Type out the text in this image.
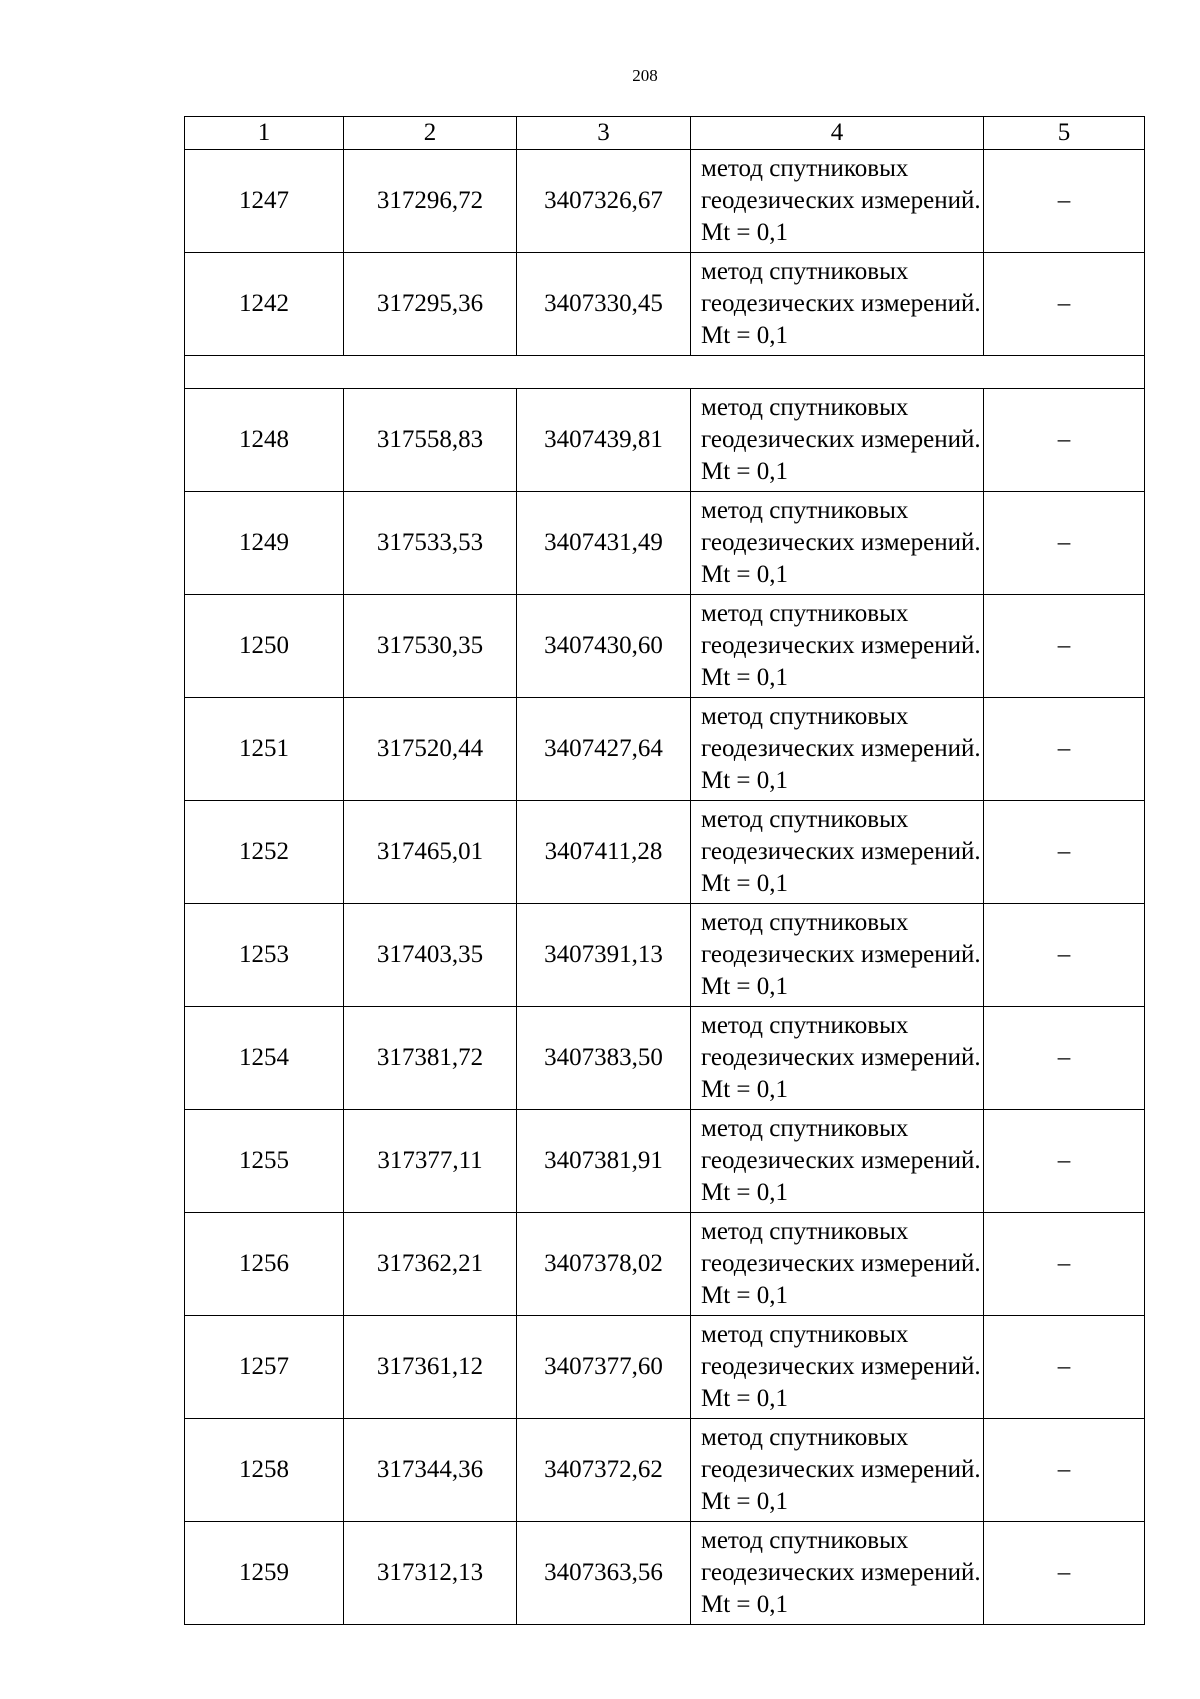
208
1	2	3	4	5
1247	317296,72	3407326,67	метод спутниковых геодезических измерений. Mt = 0,1	–
1242	317295,36	3407330,45	метод спутниковых геодезических измерений. Mt = 0,1	–

1248	317558,83	3407439,81	метод спутниковых геодезических измерений. Mt = 0,1	–
1249	317533,53	3407431,49	метод спутниковых геодезических измерений. Mt = 0,1	–
1250	317530,35	3407430,60	метод спутниковых геодезических измерений. Mt = 0,1	–
1251	317520,44	3407427,64	метод спутниковых геодезических измерений. Mt = 0,1	–
1252	317465,01	3407411,28	метод спутниковых геодезических измерений. Mt = 0,1	–
1253	317403,35	3407391,13	метод спутниковых геодезических измерений. Mt = 0,1	–
1254	317381,72	3407383,50	метод спутниковых геодезических измерений. Mt = 0,1	–
1255	317377,11	3407381,91	метод спутниковых геодезических измерений. Mt = 0,1	–
1256	317362,21	3407378,02	метод спутниковых геодезических измерений. Mt = 0,1	–
1257	317361,12	3407377,60	метод спутниковых геодезических измерений. Mt = 0,1	–
1258	317344,36	3407372,62	метод спутниковых геодезических измерений. Mt = 0,1	–
1259	317312,13	3407363,56	метод спутниковых геодезических измерений. Mt = 0,1	–
